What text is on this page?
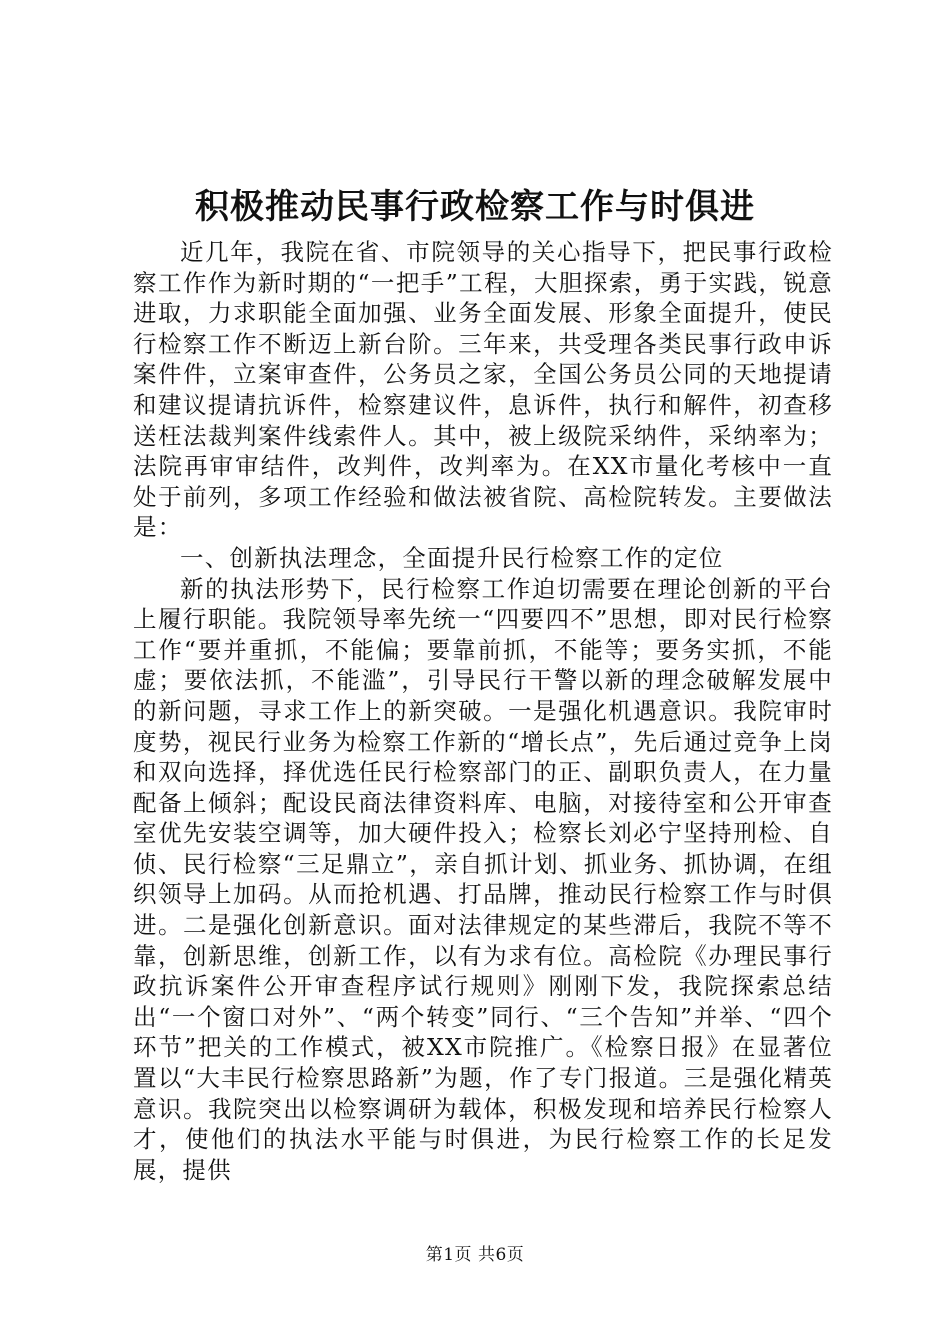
积极推动民事行政检察工作与时俱进

近几年，我院在省、市院领导的关心指导下，把民事行政检察工作作为新时期的“一把手”工程，大胆探索，勇于实践，锐意进取，力求职能全面加强、业务全面发展、形象全面提升，使民行检察工作不断迈上新台阶。三年来，共受理各类民事行政申诉案件件，立案审查件，公务员之家，全国公务员公同的天地提请和建议提请抗诉件，检察建议件，息诉件，执行和解件，初查移送枉法裁判案件线索件人。其中，被上级院采纳件，采纳率为；法院再审审结件，改判件，改判率为。在XX市量化考核中一直处于前列，多项工作经验和做法被省院、高检院转发。主要做法是：

一、创新执法理念，全面提升民行检察工作的定位

新的执法形势下，民行检察工作迫切需要在理论创新的平台上履行职能。我院领导率先统一“四要四不”思想，即对民行检察工作“要并重抓，不能偏；要靠前抓，不能等；要务实抓，不能虚；要依法抓，不能滥”，引导民行干警以新的理念破解发展中的新问题，寻求工作上的新突破。一是强化机遇意识。我院审时度势，视民行业务为检察工作新的“增长点”，先后通过竞争上岗和双向选择，择优选任民行检察部门的正、副职负责人，在力量配备上倾斜；配设民商法律资料库、电脑，对接待室和公开审查室优先安装空调等，加大硬件投入；检察长刘必宁坚持刑检、自侦、民行检察“三足鼎立”，亲自抓计划、抓业务、抓协调，在组织领导上加码。从而抢机遇、打品牌，推动民行检察工作与时俱进。二是强化创新意识。面对法律规定的某些滞后，我院不等不靠，创新思维，创新工作，以有为求有位。高检院《办理民事行政抗诉案件公开审查程序试行规则》刚刚下发，我院探索总结出“一个窗口对外”、“两个转变”同行、“三个告知”并举、“四个环节”把关的工作模式，被XX市院推广。《检察日报》在显著位置以“大丰民行检察思路新”为题，作了专门报道。三是强化精英意识。我院突出以检察调研为载体，积极发现和培养民行检察人才，使他们的执法水平能与时俱进，为民行检察工作的长足发展，提供

第1页 共6页
